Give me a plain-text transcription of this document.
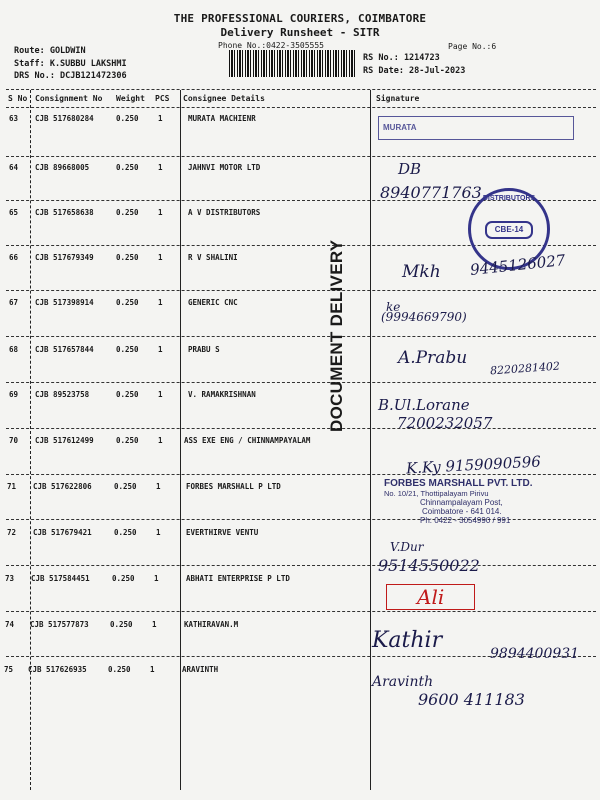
THE PROFESSIONAL COURIERS, COIMBATORE
Delivery Runsheet - SITR
Phone No.:0422-3505555	Page No.:6
Route: GOLDWIN
Staff: K.SUBBU LAKSHMI
DRS No.: DCJB121472306
RS No.: 1214723
RS Date: 28-Jul-2023
S No Consignment No Weight PCS Consignee Details	Signature
63 CJB 517680284	0.250	1	MURATA MACHIENR
64 CJB 89668005	0.250	1	JAHNVI MOTOR LTD
65 CJB 517658638	0.250	1	A V DISTRIBUTORS
66 CJB 517679349	0.250	1	R V SHALINI
67 CJB 517398914	0.250	1	GENERIC CNC
68 CJB 517657844	0.250	1	PRABU S
69 CJB 89523758	0.250	1	V. RAMAKRISHNAN
70 CJB 517612499	0.250	1	ASS EXE ENG / CHINNAMPAYALAM
71 CJB 517622806	0.250	1	FORBES MARSHALL P LTD
72 CJB 517679421	0.250	1	EVERTHIRVE VENTU
73 CJB 517584451	0.250	1	ABHATI ENTERPRISE P LTD
74 CJB 517577873	0.250	1	KATHIRAVAN.M
75 CJB 517626935	0.250	1	ARAVINTH
DOCUMENT DELIVERY
MURATA
DB
8940771763 DISTRIBUTORS
CBE-14
Mkh 9445126027
ke
(9994669790)
A.Prabu
8220281402
B.Ul.Lorane
7200232057
K.Ky 9159090596
FORBES MARSHALL PVT. LTD.
No. 10/21, Thottipalayam Pirivu
Chinnampalayam Post,
Coimbatore - 641 014.
Ph: 0422 - 3054990 / 991
V.Dur
9514550022
Ali
Kathir
9894400931
Aravinth
9600 411183
